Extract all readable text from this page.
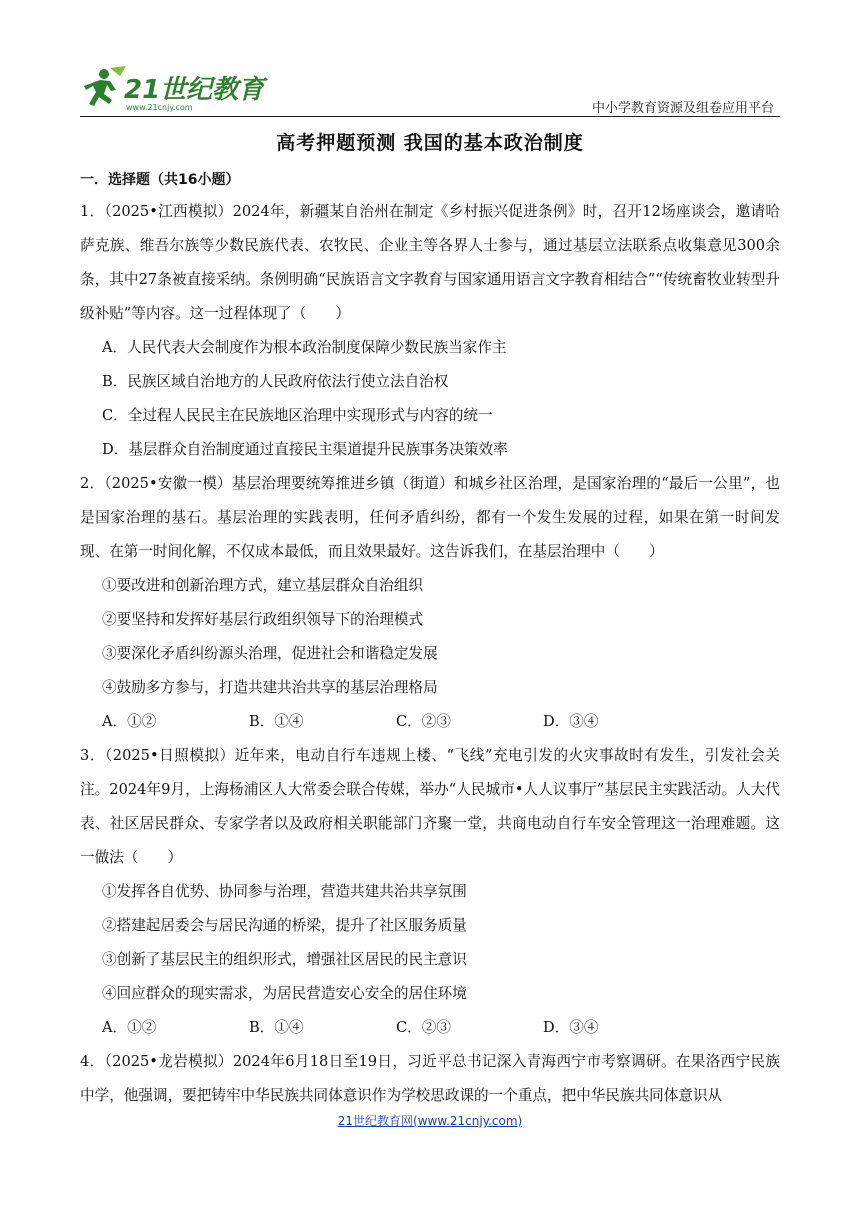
21世纪教育
www.21cnjy.com	中小学教育资源及组卷应用平台
高考押题预测 我国的基本政治制度
一．选择题（共16小题）

1．（2025•江西模拟）2024年，新疆某自治州在制定《乡村振兴促进条例》时，召开12场座谈会，邀请哈萨克族、维吾尔族等少数民族代表、农牧民、企业主等各界人士参与，通过基层立法联系点收集意见300余条，其中27条被直接采纳。条例明确“民族语言文字教育与国家通用语言文字教育相结合”“传统畜牧业转型升级补贴”等内容。这一过程体现了（　　）

A．人民代表大会制度作为根本政治制度保障少数民族当家作主

B．民族区域自治地方的人民政府依法行使立法自治权

C．全过程人民民主在民族地区治理中实现形式与内容的统一

D．基层群众自治制度通过直接民主渠道提升民族事务决策效率

2．（2025•安徽一模）基层治理要统筹推进乡镇（街道）和城乡社区治理，是国家治理的“最后一公里”，也是国家治理的基石。基层治理的实践表明，任何矛盾纠纷，都有一个发生发展的过程，如果在第一时间发现、在第一时间化解，不仅成本最低，而且效果最好。这告诉我们，在基层治理中（　　）

①要改进和创新治理方式，建立基层群众自治组织

②要坚持和发挥好基层行政组织领导下的治理模式

③要深化矛盾纠纷源头治理，促进社会和谐稳定发展

④鼓励多方参与，打造共建共治共享的基层治理格局

A．①②	B．①④	C．②③	D．③④

3．（2025•日照模拟）近年来，电动自行车违规上楼、“飞线”充电引发的火灾事故时有发生，引发社会关注。2024年9月，上海杨浦区人大常委会联合传媒，举办“人民城市•人人议事厅”基层民主实践活动。人大代表、社区居民群众、专家学者以及政府相关职能部门齐聚一堂，共商电动自行车安全管理这一治理难题。这一做法（　　）

①发挥各自优势、协同参与治理，营造共建共治共享氛围

②搭建起居委会与居民沟通的桥梁，提升了社区服务质量

③创新了基层民主的组织形式，增强社区居民的民主意识

④回应群众的现实需求，为居民营造安心安全的居住环境

A．①②	B．①④	C．②③	D．③④

4．（2025•龙岩模拟）2024年6月18日至19日，习近平总书记深入青海西宁市考察调研。在果洛西宁民族中学，他强调，要把铸牢中华民族共同体意识作为学校思政课的一个重点，把中华民族共同体意识从

21世纪教育网(www.21cnjy.com)
